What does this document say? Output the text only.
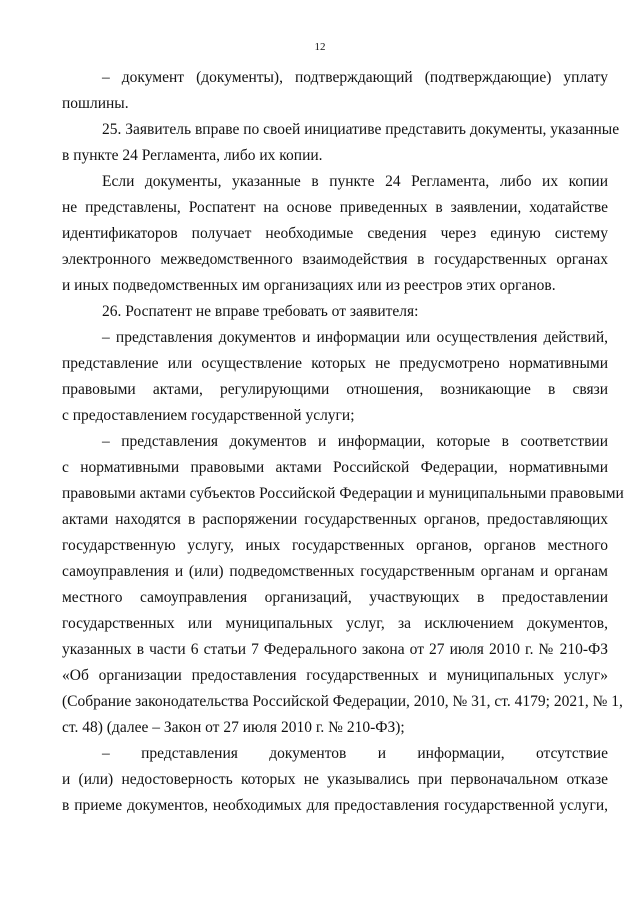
12
– документ (документы), подтверждающий (подтверждающие) уплату
пошлины.
25. Заявитель вправе по своей инициативе представить документы, указанные
в пункте 24 Регламента, либо их копии.
Если документы, указанные в пункте 24 Регламента, либо их копии
не представлены, Роспатент на основе приведенных в заявлении, ходатайстве
идентификаторов получает необходимые сведения через единую систему
электронного межведомственного взаимодействия в государственных органах
и иных подведомственных им организациях или из реестров этих органов.
26. Роспатент не вправе требовать от заявителя:
– представления документов и информации или осуществления действий,
представление или осуществление которых не предусмотрено нормативными
правовыми актами, регулирующими отношения, возникающие в связи
с предоставлением государственной услуги;
– представления документов и информации, которые в соответствии
с нормативными правовыми актами Российской Федерации, нормативными
правовыми актами субъектов Российской Федерации и муниципальными правовыми
актами находятся в распоряжении государственных органов, предоставляющих
государственную услугу, иных государственных органов, органов местного
самоуправления и (или) подведомственных государственным органам и органам
местного самоуправления организаций, участвующих в предоставлении
государственных или муниципальных услуг, за исключением документов,
указанных в части 6 статьи 7 Федерального закона от 27 июля 2010 г. № 210-ФЗ
«Об организации предоставления государственных и муниципальных услуг»
(Собрание законодательства Российской Федерации, 2010, № 31, ст. 4179; 2021, № 1,
ст. 48) (далее – Закон от 27 июля 2010 г. № 210-ФЗ);
– представления документов и информации, отсутствие
и (или) недостоверность которых не указывались при первоначальном отказе
в приеме документов, необходимых для предоставления государственной услуги,
